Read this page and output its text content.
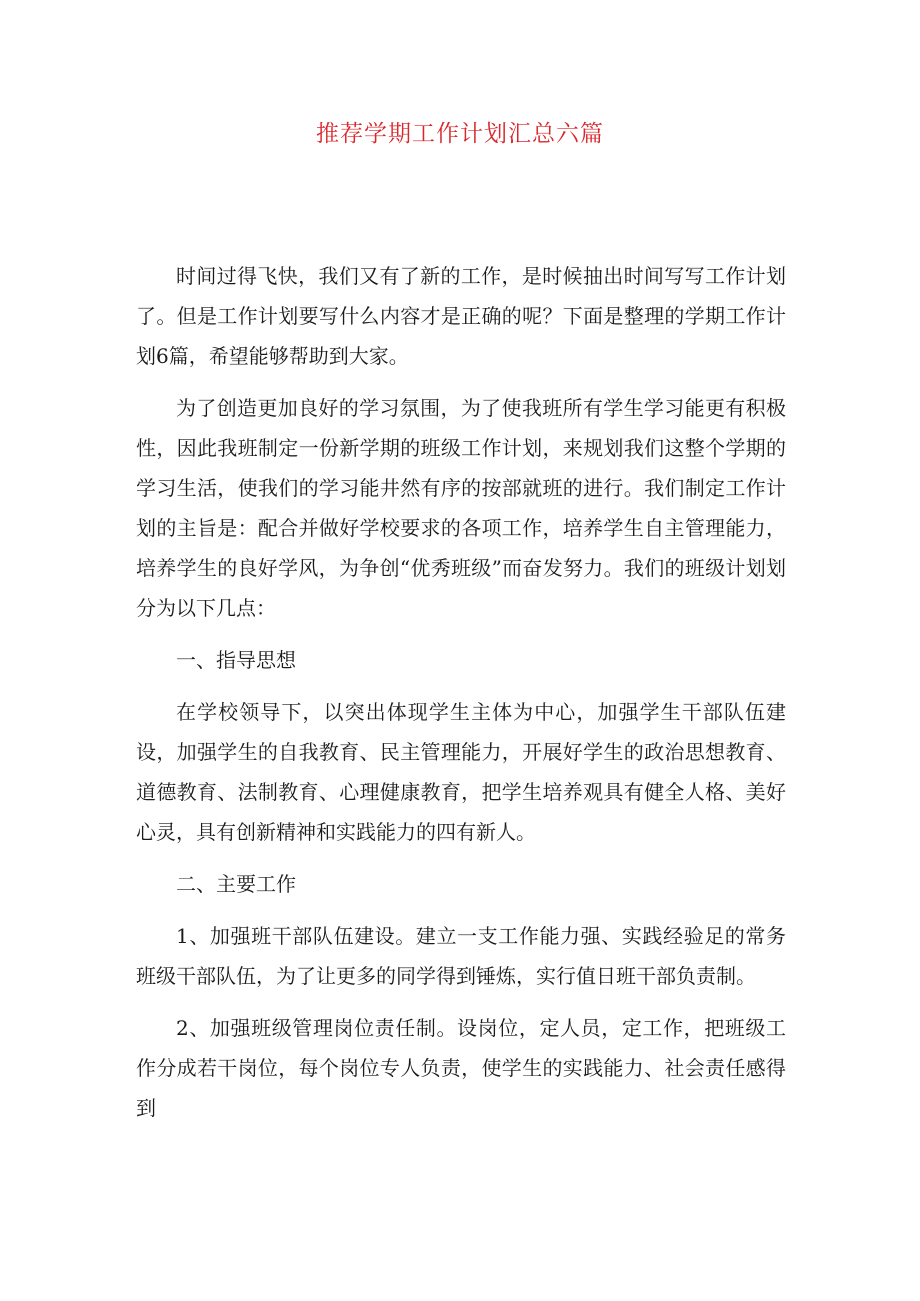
推荐学期工作计划汇总六篇

时间过得飞快，我们又有了新的工作，是时候抽出时间写写工作计划了。但是工作计划要写什么内容才是正确的呢？下面是整理的学期工作计划6篇，希望能够帮助到大家。

为了创造更加良好的学习氛围，为了使我班所有学生学习能更有积极性，因此我班制定一份新学期的班级工作计划，来规划我们这整个学期的学习生活，使我们的学习能井然有序的按部就班的进行。我们制定工作计划的主旨是：配合并做好学校要求的各项工作，培养学生自主管理能力，培养学生的良好学风，为争创“优秀班级”而奋发努力。我们的班级计划划分为以下几点：

一、指导思想

在学校领导下，以突出体现学生主体为中心，加强学生干部队伍建设，加强学生的自我教育、民主管理能力，开展好学生的政治思想教育、道德教育、法制教育、心理健康教育，把学生培养观具有健全人格、美好心灵，具有创新精神和实践能力的四有新人。

二、主要工作

1、加强班干部队伍建设。建立一支工作能力强、实践经验足的常务班级干部队伍，为了让更多的同学得到锤炼，实行值日班干部负责制。

2、加强班级管理岗位责任制。设岗位，定人员，定工作，把班级工作分成若干岗位，每个岗位专人负责，使学生的实践能力、社会责任感得到
